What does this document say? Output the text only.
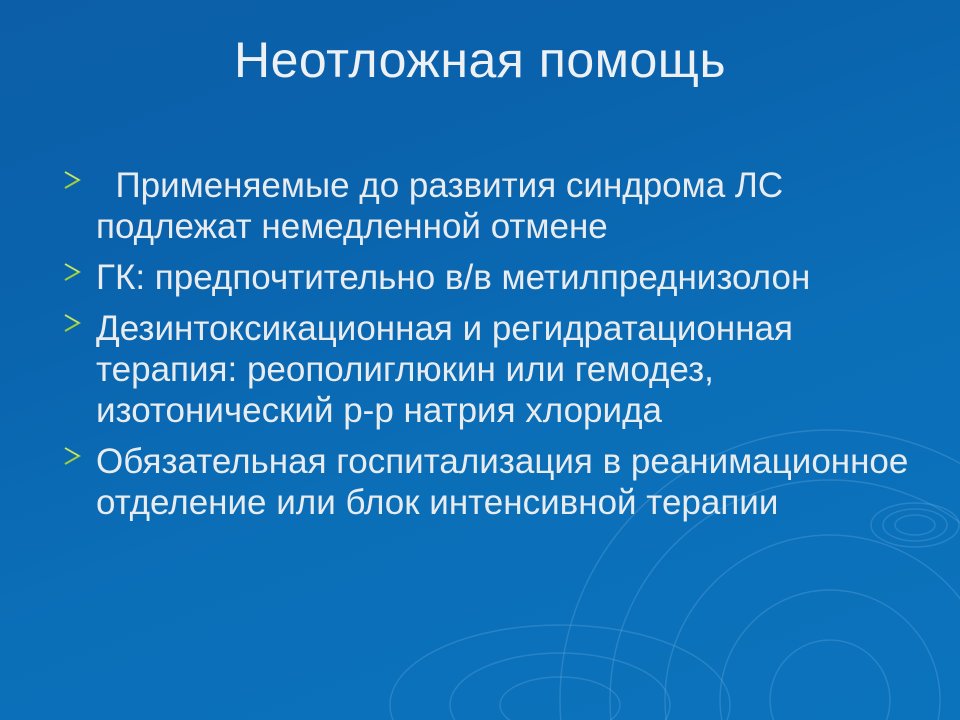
Неотложная помощь
Применяемые до развития синдрома ЛС подлежат немедленной отмене
ГК: предпочтительно в/в метилпреднизолон
Дезинтоксикационная и регидратационная терапия: реополиглюкин или гемодез, изотонический р-р натрия хлорида
Обязательная госпитализация в реанимационное отделение или блок интенсивной терапии
